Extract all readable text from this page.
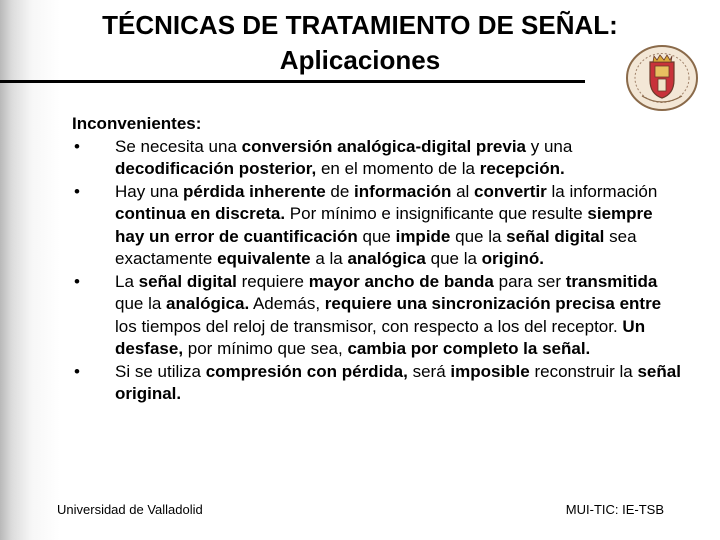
TÉCNICAS DE TRATAMIENTO DE SEÑAL:
Aplicaciones
Inconvenientes:
• Se necesita una conversión analógica-digital previa y una decodificación posterior, en el momento de la recepción.
• Hay una pérdida inherente de información al convertir la información continua en discreta. Por mínimo e insignificante que resulte siempre hay un error de cuantificación que impide que la señal digital sea exactamente equivalente a la analógica que la originó.
• La señal digital requiere mayor ancho de banda para ser transmitida que la analógica. Además, requiere una sincronización precisa entre los tiempos del reloj de transmisor, con respecto a los del receptor. Un desfase, por mínimo que sea, cambia por completo la señal.
• Si se utiliza compresión con pérdida, será imposible reconstruir la señal original.
Universidad de Valladolid	MUI-TIC: IE-TSB
